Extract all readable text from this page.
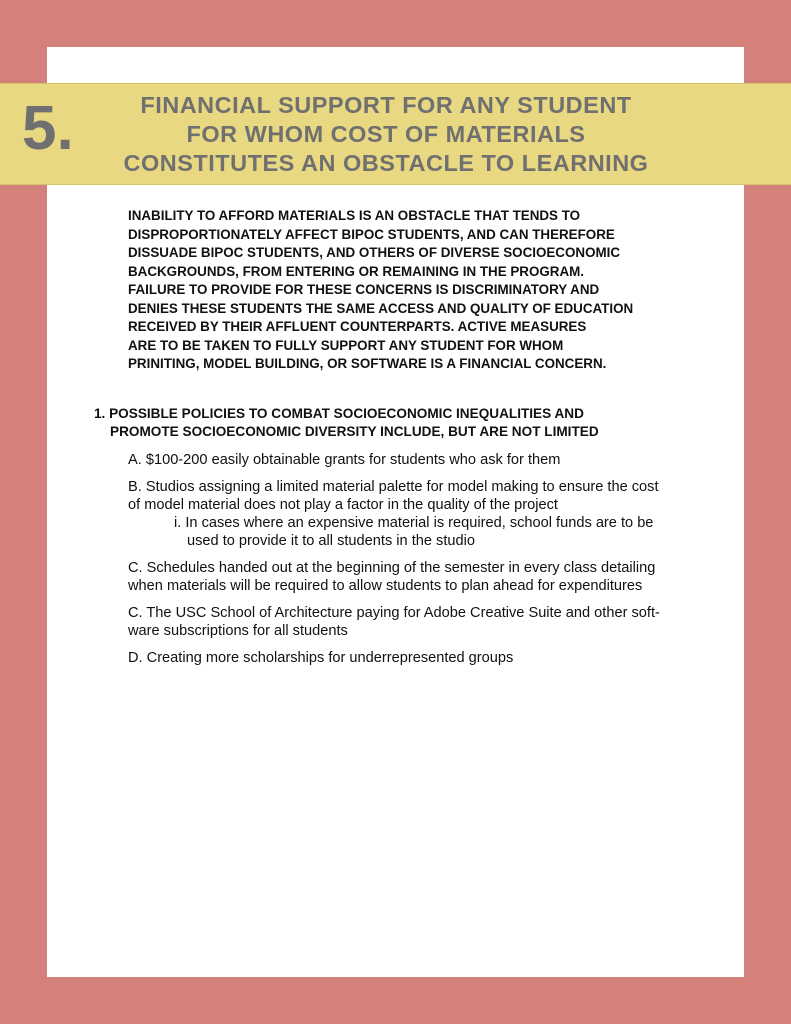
5.	FINANCIAL SUPPORT FOR ANY STUDENT
FOR WHOM COST OF MATERIALS
CONSTITUTES AN OBSTACLE TO LEARNING
INABILITY TO AFFORD MATERIALS IS AN OBSTACLE THAT TENDS TO
DISPROPORTIONATELY AFFECT BIPOC STUDENTS, AND CAN THEREFORE
DISSUADE BIPOC STUDENTS, AND OTHERS OF DIVERSE SOCIOECONOMIC
BACKGROUNDS, FROM ENTERING OR REMAINING IN THE PROGRAM.
FAILURE TO PROVIDE FOR THESE CONCERNS IS DISCRIMINATORY AND
DENIES THESE STUDENTS THE SAME ACCESS AND QUALITY OF EDUCATION
RECEIVED BY THEIR AFFLUENT COUNTERPARTS. ACTIVE MEASURES
ARE TO BE TAKEN TO FULLY SUPPORT ANY STUDENT FOR WHOM
PRINITING, MODEL BUILDING, OR SOFTWARE IS A FINANCIAL CONCERN.
1. POSSIBLE POLICIES TO COMBAT SOCIOECONOMIC INEQUALITIES AND
PROMOTE SOCIOECONOMIC DIVERSITY INCLUDE, BUT ARE NOT LIMITED
A. $100-200 easily obtainable grants for students who ask for them
B. Studios assigning a limited material palette for model making to ensure the cost
of model material does not play a factor in the quality of the project
i. In cases where an expensive material is required, school funds are to be
used to provide it to all students in the studio
C. Schedules handed out at the beginning of the semester in every class detailing
when materials will be required to allow students to plan ahead for expenditures
C. The USC School of Architecture paying for Adobe Creative Suite and other soft-
ware subscriptions for all students
D. Creating more scholarships for underrepresented groups
